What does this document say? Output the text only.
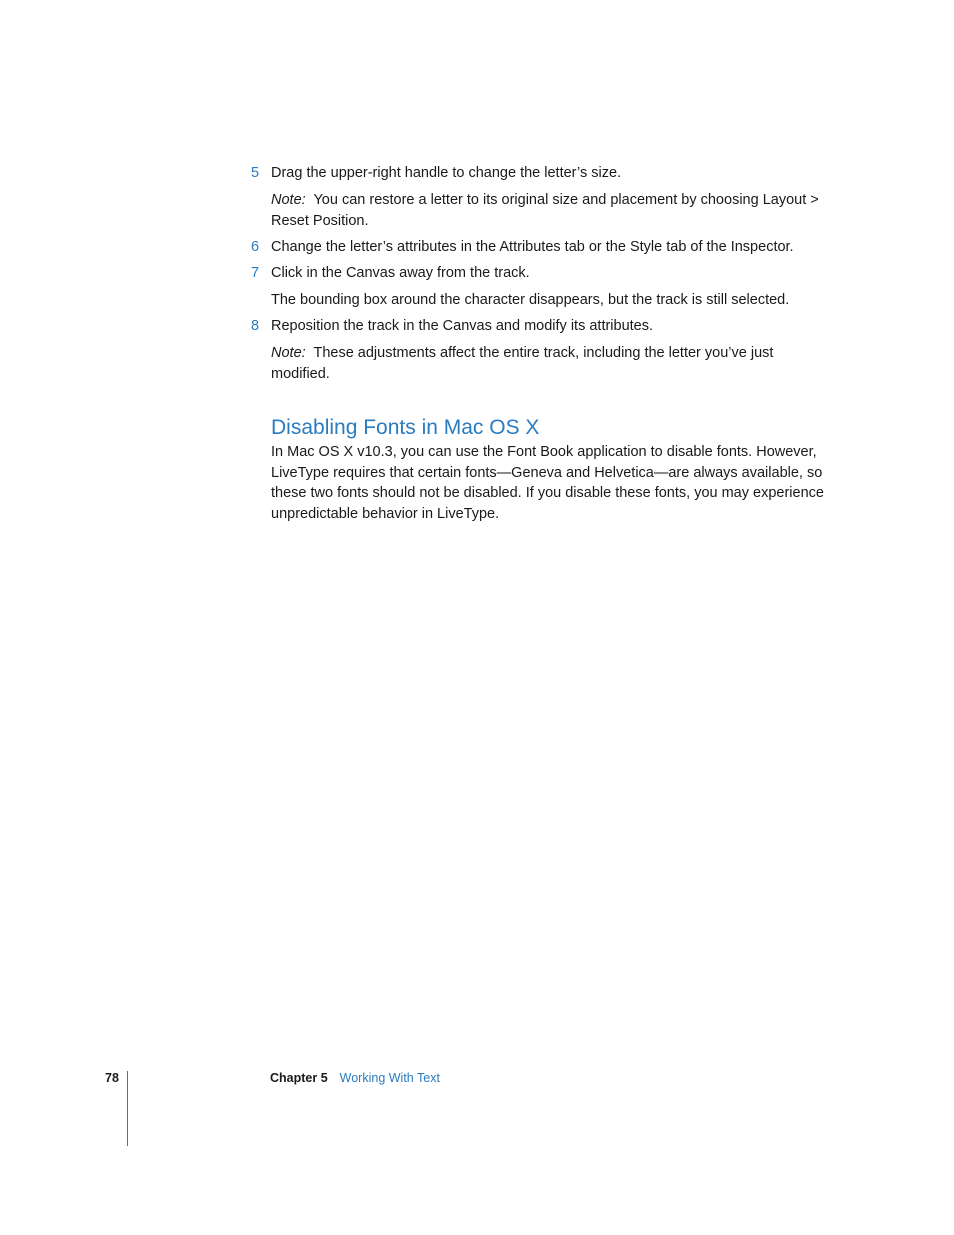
5 Drag the upper-right handle to change the letter’s size.
Note: You can restore a letter to its original size and placement by choosing Layout > Reset Position.
6 Change the letter’s attributes in the Attributes tab or the Style tab of the Inspector.
7 Click in the Canvas away from the track.
The bounding box around the character disappears, but the track is still selected.
8 Reposition the track in the Canvas and modify its attributes.
Note: These adjustments affect the entire track, including the letter you’ve just modified.
Disabling Fonts in Mac OS X
In Mac OS X v10.3, you can use the Font Book application to disable fonts. However, LiveType requires that certain fonts—Geneva and Helvetica—are always available, so these two fonts should not be disabled. If you disable these fonts, you may experience unpredictable behavior in LiveType.
78	Chapter 5 Working With Text
